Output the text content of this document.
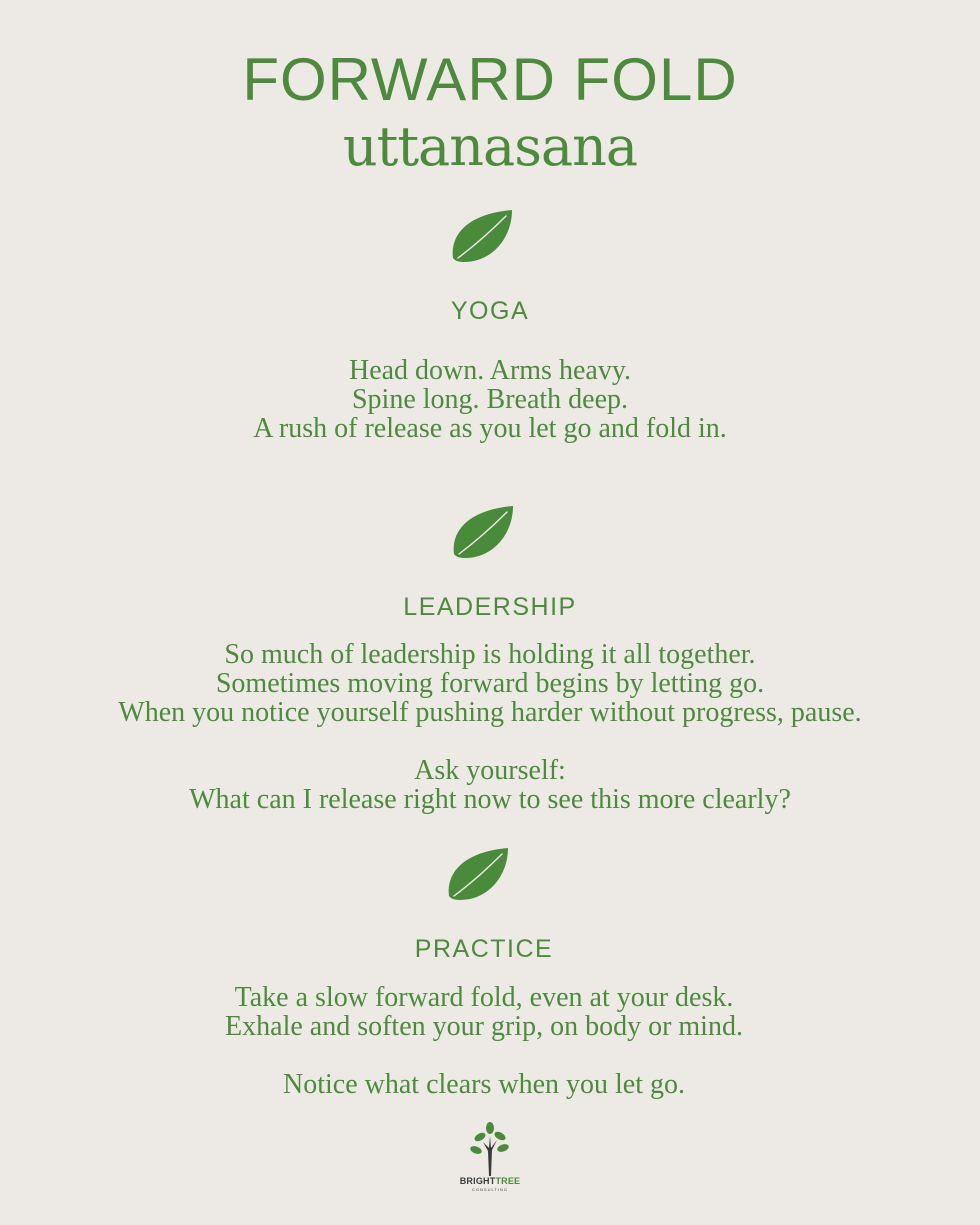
FORWARD FOLD
uttanasana
YOGA
Head down. Arms heavy.
Spine long. Breath deep.
A rush of release as you let go and fold in.
LEADERSHIP
So much of leadership is holding it all together.
Sometimes moving forward begins by letting go.
When you notice yourself pushing harder without progress, pause.
Ask yourself:
What can I release right now to see this more clearly?
PRACTICE
Take a slow forward fold, even at your desk.
Exhale and soften your grip, on body or mind.
Notice what clears when you let go.
BRIGHTTREE
CONSULTING
